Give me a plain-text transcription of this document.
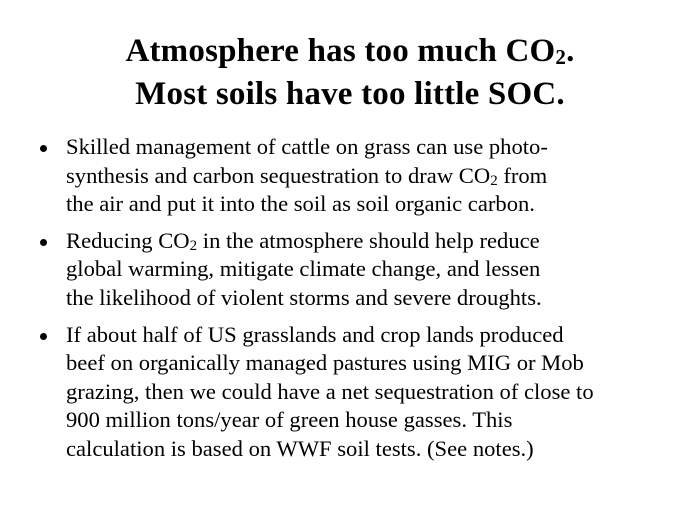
Atmosphere has too much $CO_2$.
Most soils have too little SOC.
Skilled management of cattle on grass can use photo-
synthesis and carbon sequestration to draw $CO_2$ from
the air and put it into the soil as soil organic carbon.
Reducing $CO_2$ in the atmosphere should help reduce
global warming, mitigate climate change, and lessen
the likelihood of violent storms and severe droughts.
If about half of US grasslands and crop lands produced
beef on organically managed pastures using MIG or Mob
grazing, then we could have a net sequestration of close to
900 million tons/year of green house gasses. This
calculation is based on WWF soil tests. (See notes.)
